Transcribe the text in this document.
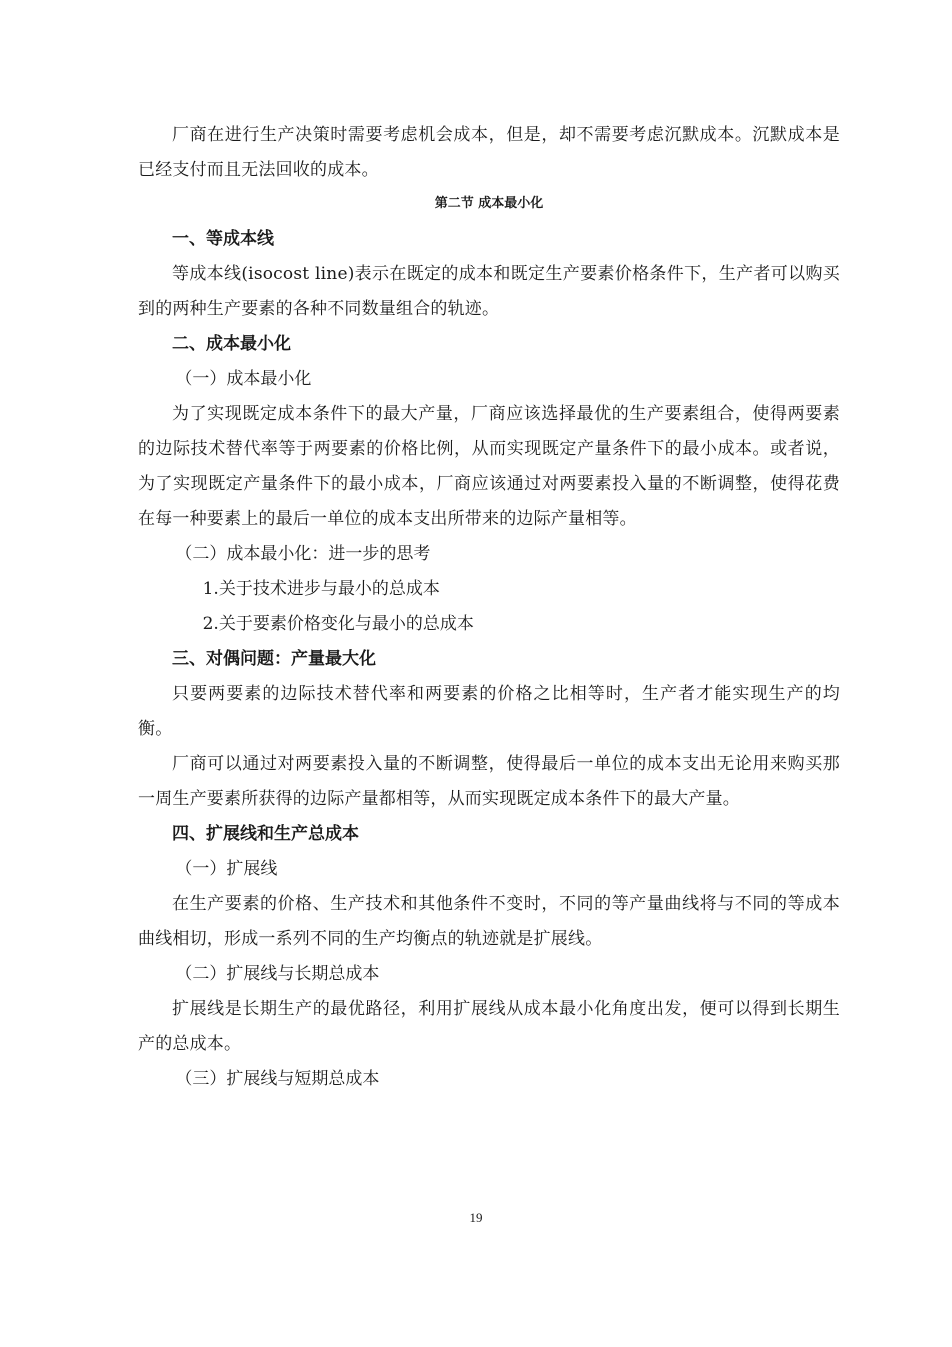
厂商在进行生产决策时需要考虑机会成本，但是，却不需要考虑沉默成本。沉默成本是已经支付而且无法回收的成本。

第二节 成本最小化
一、等成本线

等成本线(isocost line)表示在既定的成本和既定生产要素价格条件下，生产者可以购买到的两种生产要素的各种不同数量组合的轨迹。

二、成本最小化
（一）成本最小化

为了实现既定成本条件下的最大产量，厂商应该选择最优的生产要素组合，使得两要素的边际技术替代率等于两要素的价格比例，从而实现既定产量条件下的最小成本。或者说，为了实现既定产量条件下的最小成本，厂商应该通过对两要素投入量的不断调整，使得花费在每一种要素上的最后一单位的成本支出所带来的边际产量相等。

（二）成本最小化：进一步的思考
1.关于技术进步与最小的总成本
2.关于要素价格变化与最小的总成本
三、对偶问题：产量最大化

只要两要素的边际技术替代率和两要素的价格之比相等时，生产者才能实现生产的均衡。

厂商可以通过对两要素投入量的不断调整，使得最后一单位的成本支出无论用来购买那一周生产要素所获得的边际产量都相等，从而实现既定成本条件下的最大产量。

四、扩展线和生产总成本
（一）扩展线

在生产要素的价格、生产技术和其他条件不变时，不同的等产量曲线将与不同的等成本曲线相切，形成一系列不同的生产均衡点的轨迹就是扩展线。

（二）扩展线与长期总成本

扩展线是长期生产的最优路径，利用扩展线从成本最小化角度出发，便可以得到长期生产的总成本。

（三）扩展线与短期总成本
19
